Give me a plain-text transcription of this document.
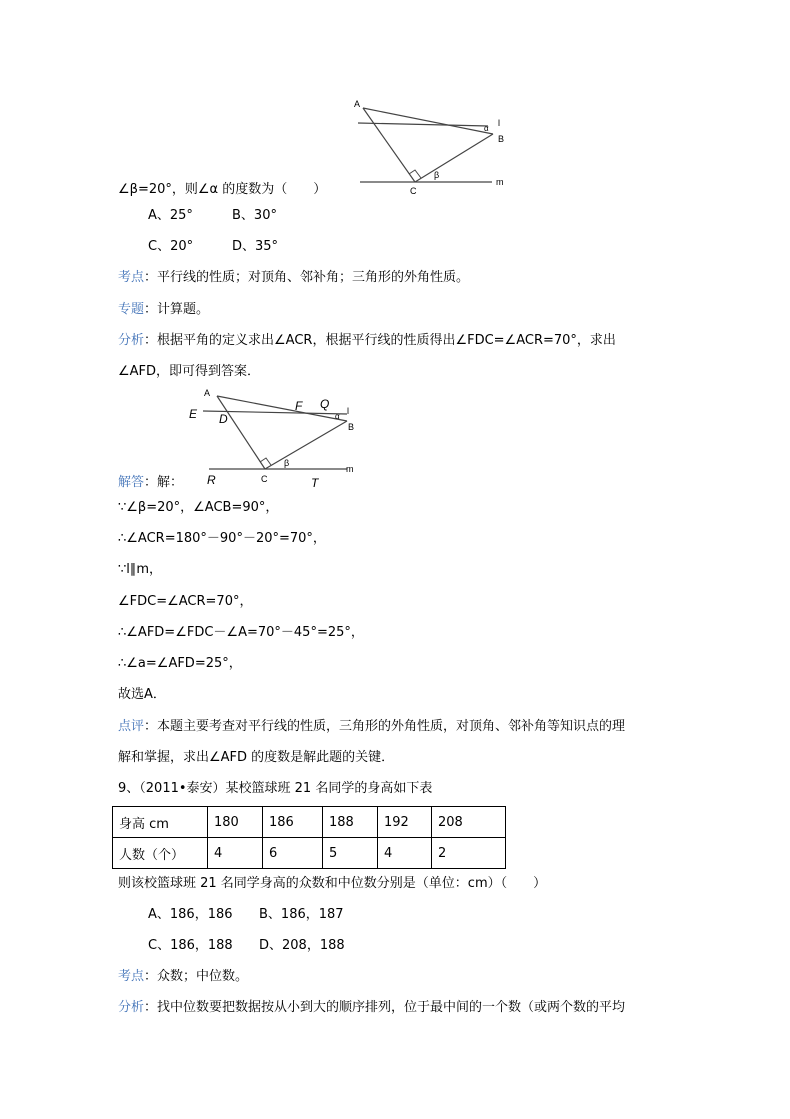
A
l
α
B
β
m
C
∠β=20°，则∠α 的度数为（　　）
A、25°	B、30°
C、20°	D、35°
考点：平行线的性质；对顶角、邻补角；三角形的外角性质。
专题：计算题。
分析：根据平角的定义求出∠ACR，根据平行线的性质得出∠FDC=∠ACR=70°，求出
∠AFD，即可得到答案．
A
E D
F Q
α
l
B
β
m
R	C	T
解答：解：
∵∠β=20°，∠ACB=90°，
∴∠ACR=180°－90°－20°=70°，
∵l∥m，
∠FDC=∠ACR=70°，
∴∠AFD=∠FDC－∠A=70°－45°=25°，
∴∠a=∠AFD=25°，
故选A．
点评：本题主要考查对平行线的性质，三角形的外角性质，对顶角、邻补角等知识点的理
解和掌握，求出∠AFD 的度数是解此题的关键．
9、（2011•泰安）某校篮球班 21 名同学的身高如下表
身高 cm	180	186	188	192	208
人数（个）	4	6	5	4	2
则该校篮球班 21 名同学身高的众数和中位数分别是（单位：cm）（　　）
A、186，186 B、186，187
C、186，188 D、208，188
考点：众数；中位数。
分析：找中位数要把数据按从小到大的顺序排列，位于最中间的一个数（或两个数的平均
